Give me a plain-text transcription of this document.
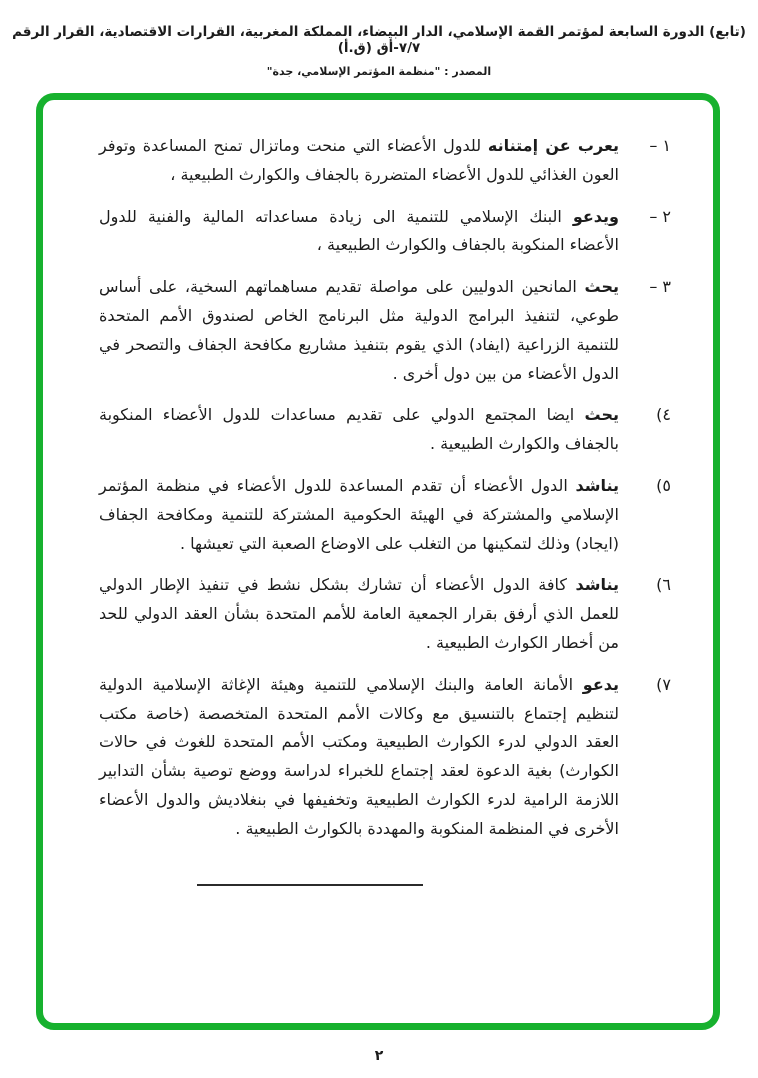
(تابع) الدورة السابعة لمؤتمر القمة الإسلامي، الدار البيضاء، المملكة المغربية، القرارات الاقتصادية، القرار الرقم ٧/٧-أق (ق.أ)
المصدر : "منظمة المؤتمر الإسلامي، جدة"
١ –

يعرب عن إمتنانه للدول الأعضاء التي منحت وماتزال تمنح المساعدة وتوفر العون الغذائي للدول الأعضاء المتضررة بالجفاف والكوارث الطبيعية ،

٢ –

ويدعو البنك الإسلامي للتنمية الى زيادة مساعداته المالية والفنية للدول الأعضاء المنكوبة بالجفاف والكوارث الطبيعية ،

٣ –

يحث المانحين الدوليين على مواصلة تقديم مساهماتهم السخية، على أساس طوعي، لتنفيذ البرامج الدولية مثل البرنامج الخاص لصندوق الأمم المتحدة للتنمية الزراعية (ايفاد) الذي يقوم بتنفيذ مشاريع مكافحة الجفاف والتصحر في الدول الأعضاء من بين دول أخرى .

٤)

يحث ايضا المجتمع الدولي على تقديم مساعدات للدول الأعضاء المنكوبة بالجفاف والكوارث الطبيعية .

٥)

يناشد الدول الأعضاء أن تقدم المساعدة للدول الأعضاء في منظمة المؤتمر الإسلامي والمشتركة في الهيئة الحكومية المشتركة للتنمية ومكافحة الجفاف (ايجاد) وذلك لتمكينها من التغلب على الاوضاع الصعبة التي تعيشها .

٦)

يناشد كافة الدول الأعضاء أن تشارك بشكل نشط في تنفيذ الإطار الدولي للعمل الذي أرفق بقرار الجمعية العامة للأمم المتحدة بشأن العقد الدولي للحد من أخطار الكوارث الطبيعية .

٧)

يدعو الأمانة العامة والبنك الإسلامي للتنمية وهيئة الإغاثة الإسلامية الدولية لتنظيم إجتماع بالتنسيق مع وكالات الأمم المتحدة المتخصصة (خاصة مكتب العقد الدولي لدرء الكوارث الطبيعية ومكتب الأمم المتحدة للغوث في حالات الكوارث) بغية الدعوة لعقد إجتماع للخبراء لدراسة ووضع توصية بشأن التدابير اللازمة الرامية لدرء الكوارث الطبيعية وتخفيفها في بنغلاديش والدول الأعضاء الأخرى في المنظمة المنكوبة والمهددة بالكوارث الطبيعية .

٢
